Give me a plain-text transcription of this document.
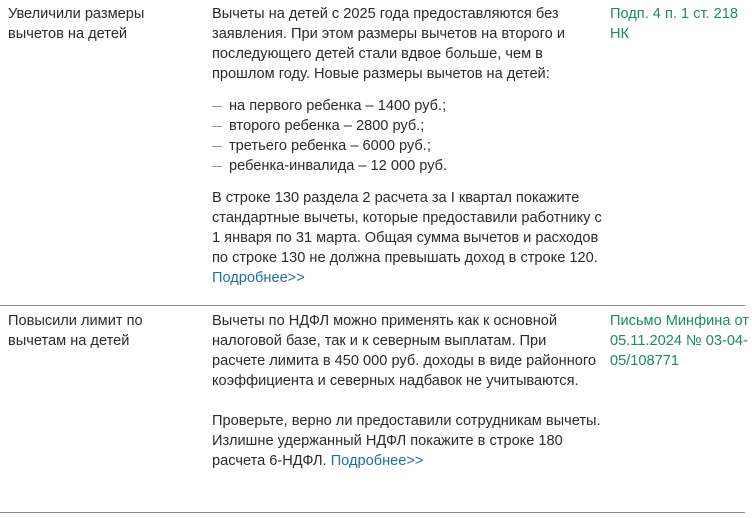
Увеличили размеры вычетов на детей

Вычеты на детей с 2025 года предоставляются без заявления. При этом размеры вычетов на второго и последующего детей стали вдвое больше, чем в прошлом году. Новые размеры вычетов на детей:

на первого ребенка – 1400 руб.;
второго ребенка – 2800 руб.;
третьего ребенка – 6000 руб.;
ребенка-инвалида – 12 000 руб.

В строке 130 раздела 2 расчета за I квартал покажите стандартные вычеты, которые предоставили работнику с 1 января по 31 марта. Общая сумма вычетов и расходов по строке 130 не должна превышать доход в строке 120. Подробнее>>

Подп. 4 п. 1 ст. 218 НК
Повысили лимит по вычетам на детей

Вычеты по НДФЛ можно применять как к основной налоговой базе, так и к северным выплатам. При расчете лимита в 450 000 руб. доходы в виде районного коэффициента и северных надбавок не учитываются.

Проверьте, верно ли предоставили сотрудникам вычеты. Излишне удержанный НДФЛ покажите в строке 180 расчета 6-НДФЛ. Подробнее>>

Письмо Минфина от 05.11.2024 № 03-04-05/108771
